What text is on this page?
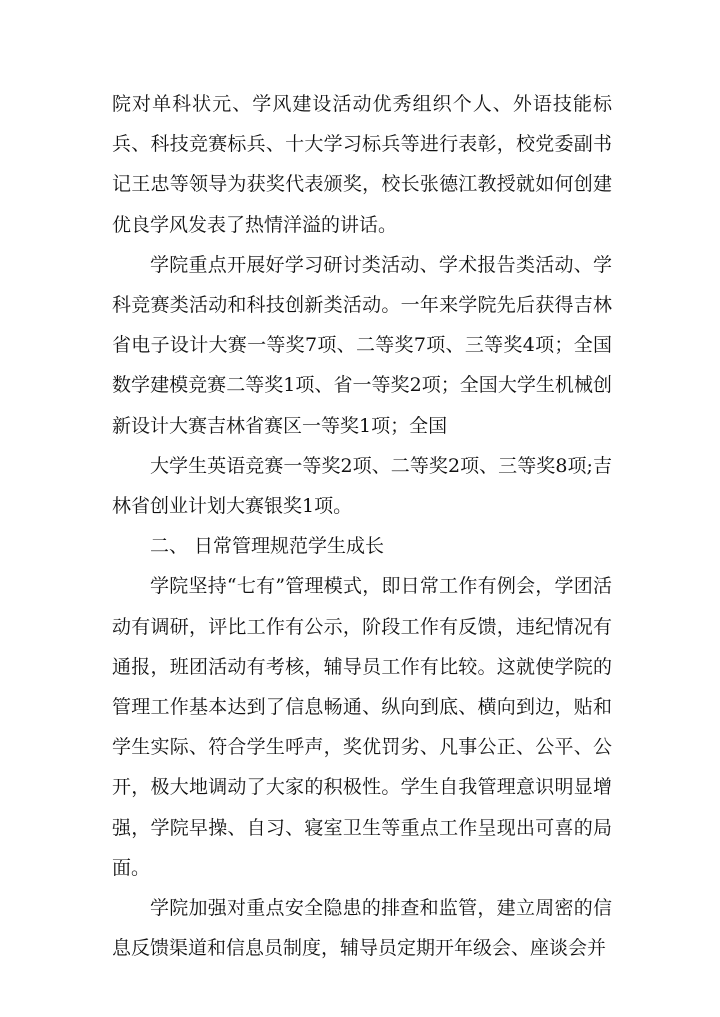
院对单科状元、学风建设活动优秀组织个人、外语技能标兵、科技竞赛标兵、十大学习标兵等进行表彰，校党委副书记王忠等领导为获奖代表颁奖，校长张德江教授就如何创建优良学风发表了热情洋溢的讲话。

学院重点开展好学习研讨类活动、学术报告类活动、学科竞赛类活动和科技创新类活动。一年来学院先后获得吉林省电子设计大赛一等奖7项、二等奖7项、三等奖4项；全国数学建模竞赛二等奖1项、省一等奖2项；全国大学生机械创新设计大赛吉林省赛区一等奖1项；全国

大学生英语竞赛一等奖2项、二等奖2项、三等奖8项;吉林省创业计划大赛银奖1项。

二、 日常管理规范学生成长

学院坚持“七有”管理模式，即日常工作有例会，学团活动有调研，评比工作有公示，阶段工作有反馈，违纪情况有通报，班团活动有考核，辅导员工作有比较。这就使学院的管理工作基本达到了信息畅通、纵向到底、横向到边，贴和学生实际、符合学生呼声，奖优罚劣、凡事公正、公平、公开，极大地调动了大家的积极性。学生自我管理意识明显增强，学院早操、自习、寝室卫生等重点工作呈现出可喜的局面。

学院加强对重点安全隐患的排查和监管，建立周密的信息反馈渠道和信息员制度，辅导员定期开年级会、座谈会并
